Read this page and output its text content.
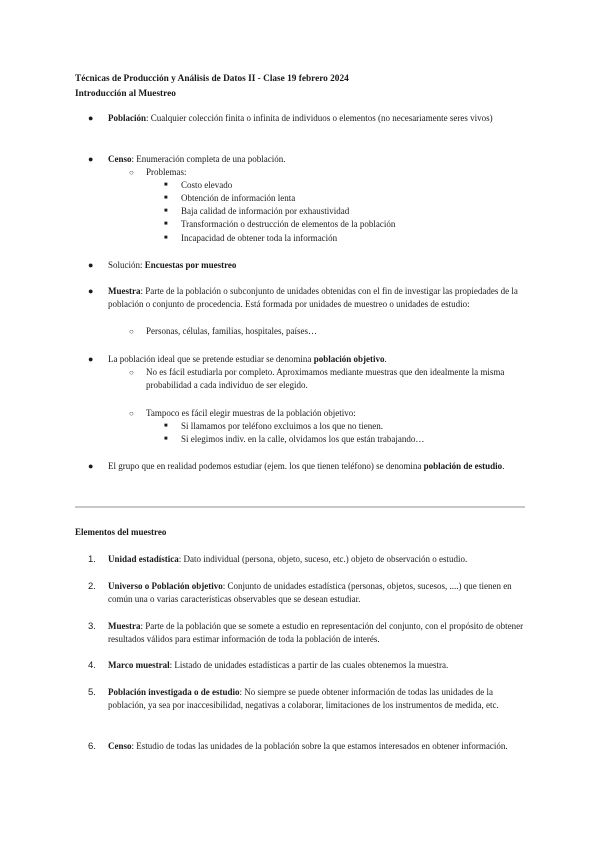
Técnicas de Producción y Análisis de Datos II - Clase 19 febrero 2024
Introducción al Muestreo
● Población: Cualquier colección finita o infinita de individuos o elementos (no necesariamente seres vivos)
● Censo: Enumeración completa de una población.
○ Problemas:
■ Costo elevado
■ Obtención de información lenta
■ Baja calidad de información por exhaustividad
■ Transformación o destrucción de elementos de la población
■ Incapacidad de obtener toda la información
● Solución: Encuestas por muestreo
● Muestra: Parte de la población o subconjunto de unidades obtenidas con el fin de investigar las propiedades de la población o conjunto de procedencia. Está formada por unidades de muestreo o unidades de estudio:
○ Personas, células, familias, hospitales, países…
● La población ideal que se pretende estudiar se denomina población objetivo.
○ No es fácil estudiarla por completo. Aproximamos mediante muestras que den idealmente la misma probabilidad a cada individuo de ser elegido.
○ Tampoco es fácil elegir muestras de la población objetivo:
■ Si llamamos por teléfono excluimos a los que no tienen.
■ Si elegimos indiv. en la calle, olvidamos los que están trabajando…
● El grupo que en realidad podemos estudiar (ejem. los que tienen teléfono) se denomina población de estudio.
Elementos del muestreo
1.	Unidad estadística: Dato individual (persona, objeto, suceso, etc.) objeto de observación o estudio.
2.	Universo o Población objetivo: Conjunto de unidades estadística (personas, objetos, sucesos, ....) que tienen en común una o varias características observables que se desean estudiar.
3.	Muestra: Parte de la población que se somete a estudio en representación del conjunto, con el propósito de obtener resultados válidos para estimar información de toda la población de interés.
4.	Marco muestral: Listado de unidades estadísticas a partir de las cuales obtenemos la muestra.
5.	Población investigada o de estudio: No siempre se puede obtener información de todas las unidades de la población, ya sea por inaccesibilidad, negativas a colaborar, limitaciones de los instrumentos de medida, etc.
6.	Censo: Estudio de todas las unidades de la población sobre la que estamos interesados en obtener información.
